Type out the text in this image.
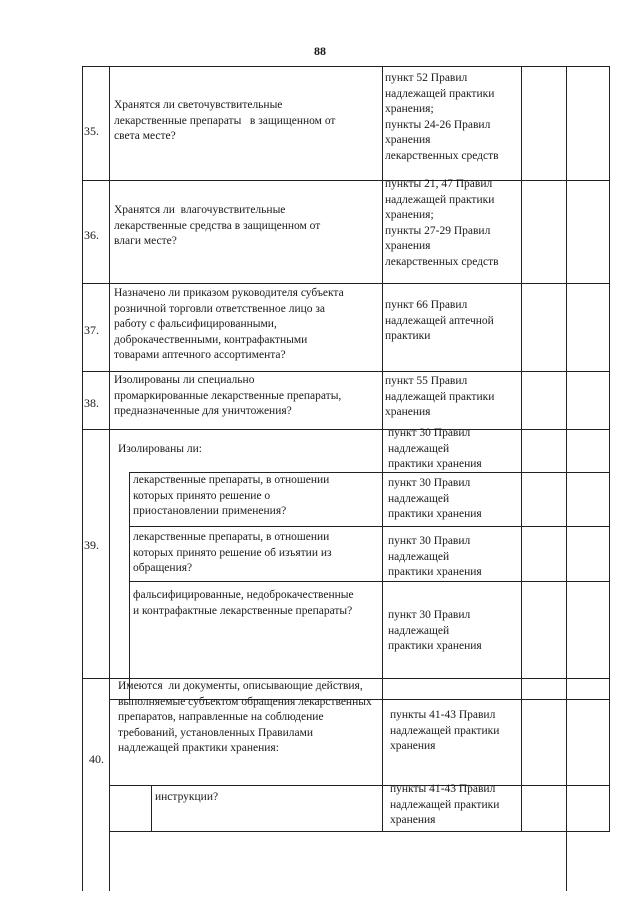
88
35.
Хранятся ли светочувствительные
лекарственные препараты   в защищенном от
света месте?
пункт 52 Правил
надлежащей практики
хранения;
пункты 24-26 Правил
хранения
лекарственных средств
36.
Хранятся ли  влагочувствительные
лекарственные средства в защищенном от
влаги месте?
пункты 21, 47 Правил
надлежащей практики
хранения;
пункты 27-29 Правил
хранения
лекарственных средств
37.
Назначено ли приказом руководителя субъекта
розничной торговли ответственное лицо за
работу с фальсифицированными,
доброкачественными, контрафактными
товарами аптечного ассортимента?
пункт 66 Правил
надлежащей аптечной
практики
38.
Изолированы ли специально
промаркированные лекарственные препараты,
предназначенные для уничтожения?
пункт 55 Правил
надлежащей практики
хранения
39.
Изолированы ли:
пункт 30 Правил
надлежащей
практики хранения
лекарственные препараты, в отношении
которых принято решение о
приостановлении применения?
пункт 30 Правил
надлежащей
практики хранения
лекарственные препараты, в отношении
которых принято решение об изъятии из
обращения?
пункт 30 Правил
надлежащей
практики хранения
фальсифицированные, недоброкачественные
и контрафактные лекарственные препараты?	пункт 30 Правил
надлежащей
практики хранения
40.
Имеются  ли документы, описывающие действия,
выполняемые субъектом обращения лекарственных
препаратов, направленные на соблюдение
требований, установленных Правилами
надлежащей практики хранения:
пункты 41-43 Правил
надлежащей практики
хранения
инструкции?
пункты 41-43 Правил
надлежащей практики
хранения
